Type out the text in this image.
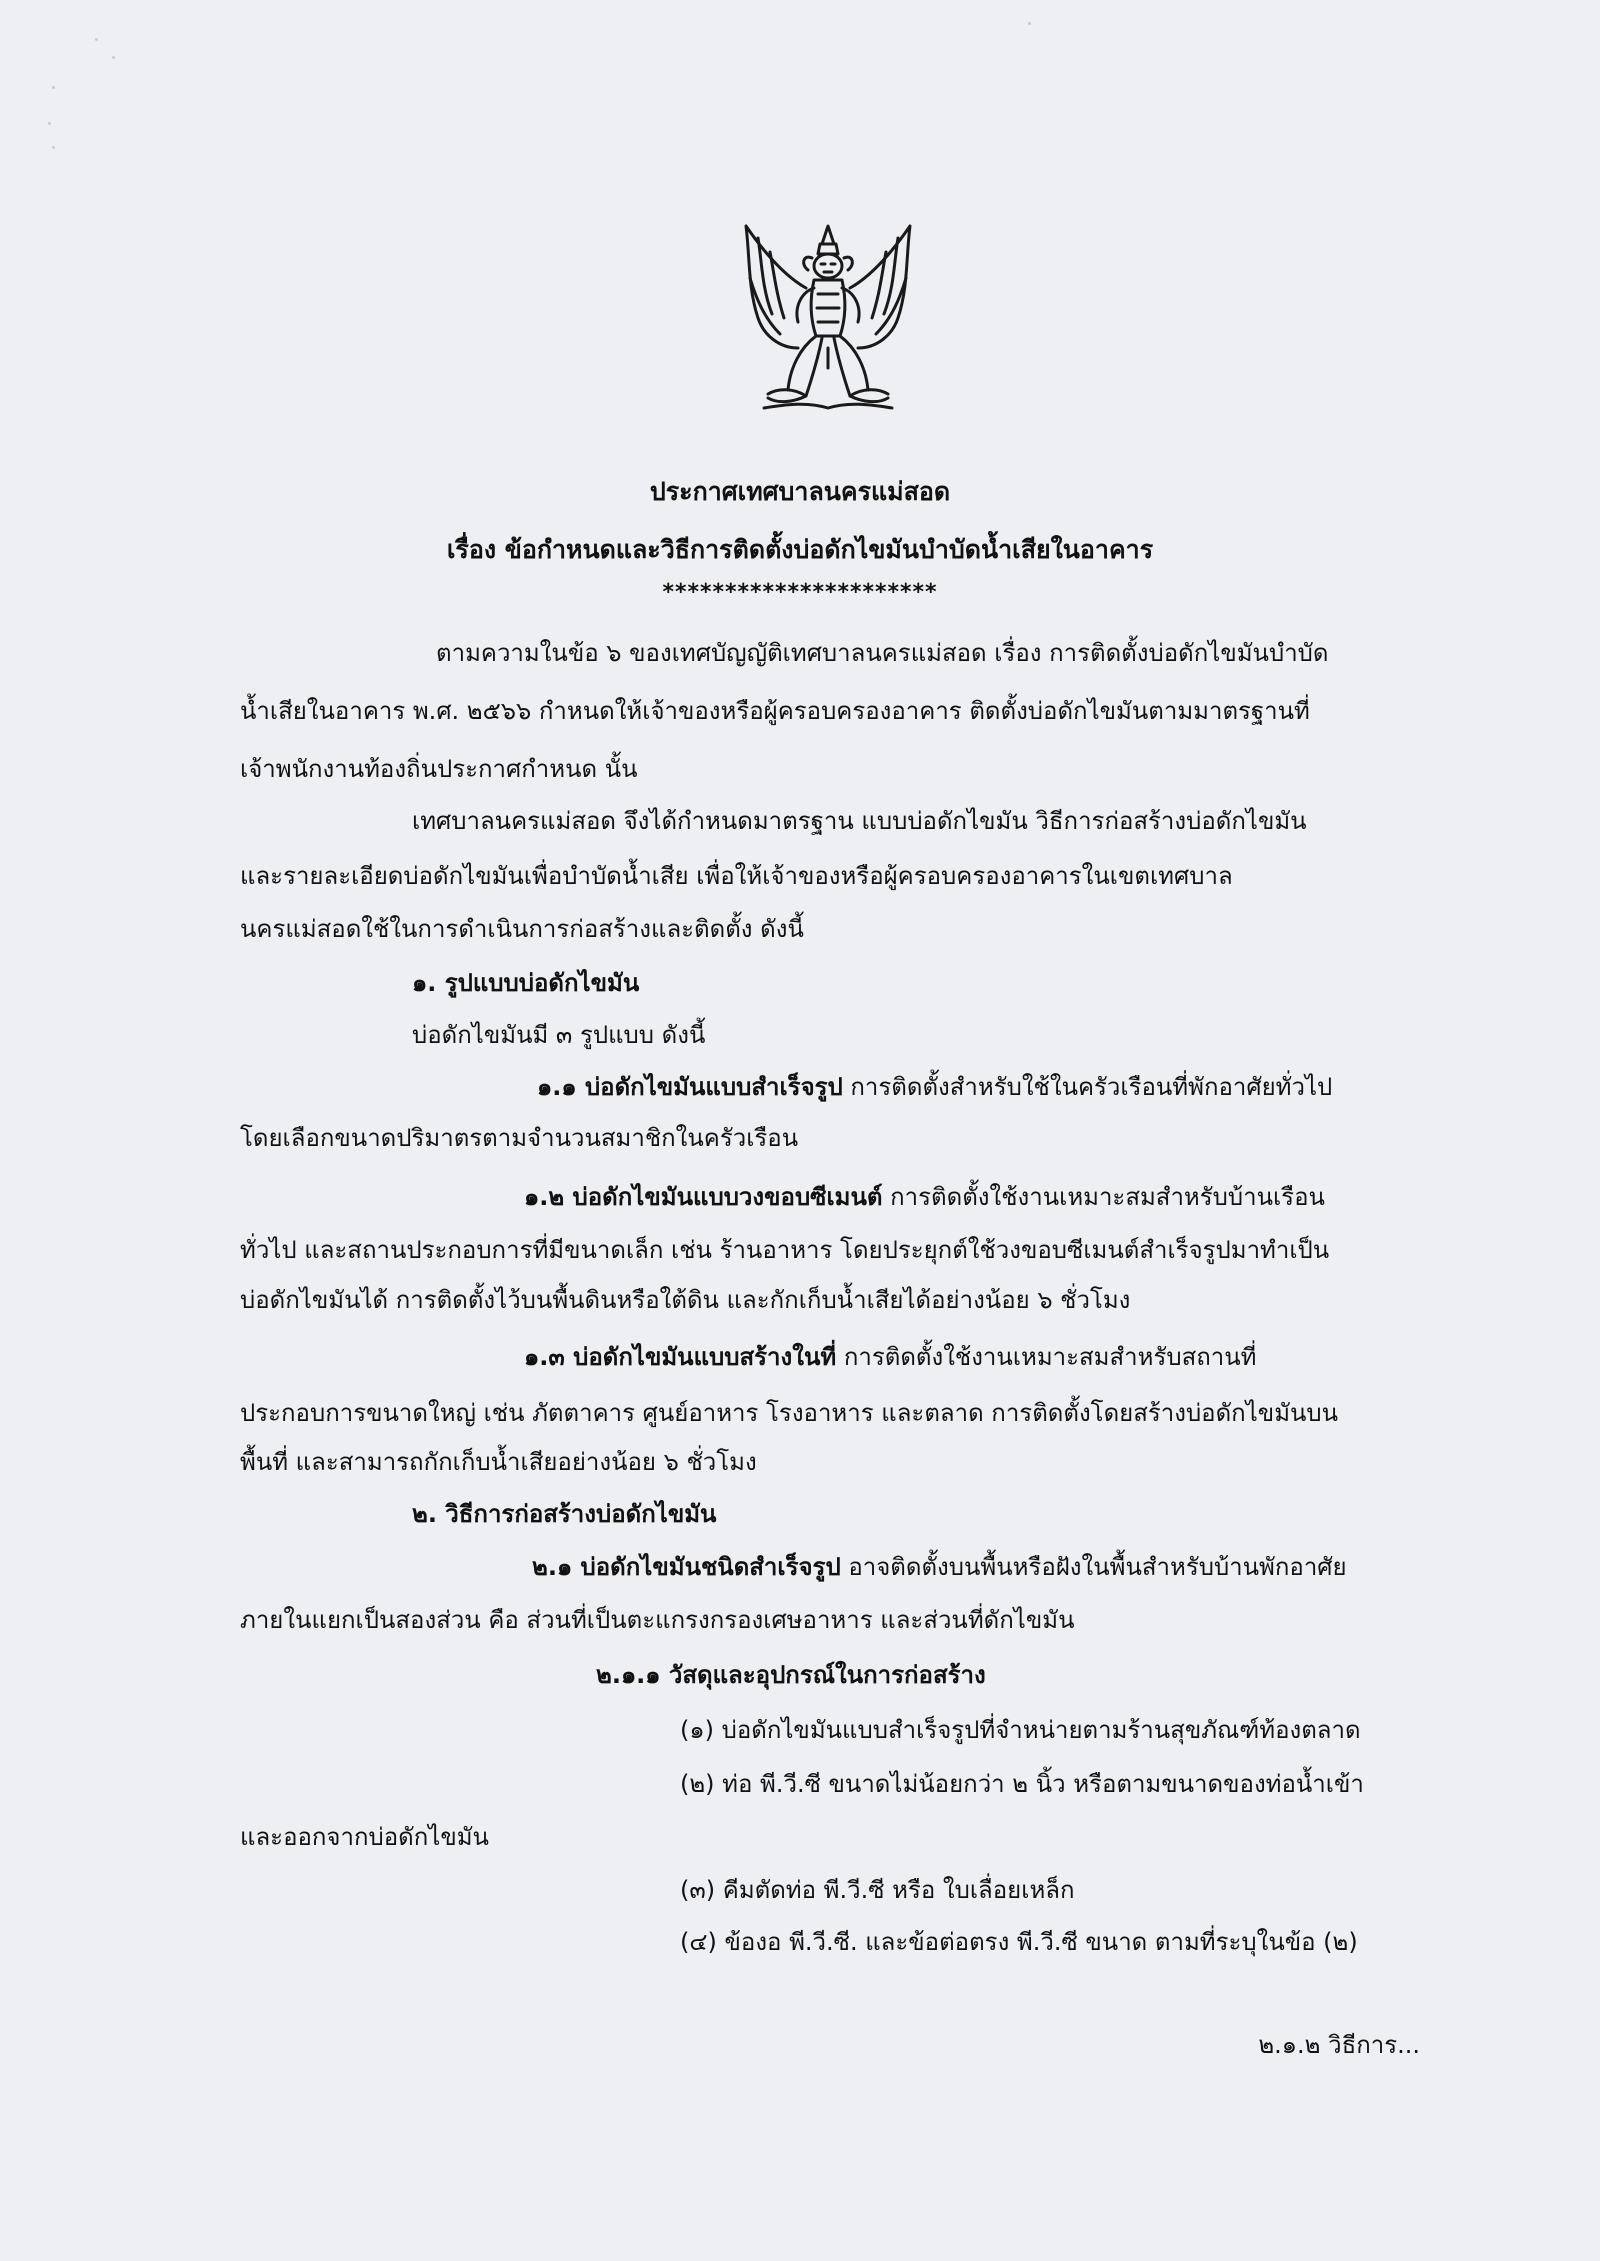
ประกาศเทศบาลนครแม่สอด
เรื่อง ข้อกำหนดและวิธีการติดตั้งบ่อดักไขมันบำบัดน้ำเสียในอาคาร
**********************
ตามความในข้อ ๖ ของเทศบัญญัติเทศบาลนครแม่สอด เรื่อง การติดตั้งบ่อดักไขมันบำบัด
น้ำเสียในอาคาร พ.ศ. ๒๕๖๖ กำหนดให้เจ้าของหรือผู้ครอบครองอาคาร ติดตั้งบ่อดักไขมันตามมาตรฐานที่
เจ้าพนักงานท้องถิ่นประกาศกำหนด นั้น
เทศบาลนครแม่สอด จึงได้กำหนดมาตรฐาน แบบบ่อดักไขมัน วิธีการก่อสร้างบ่อดักไขมัน
และรายละเอียดบ่อดักไขมันเพื่อบำบัดน้ำเสีย เพื่อให้เจ้าของหรือผู้ครอบครองอาคารในเขตเทศบาล
นครแม่สอดใช้ในการดำเนินการก่อสร้างและติดตั้ง ดังนี้
๑. รูปแบบบ่อดักไขมัน
บ่อดักไขมันมี ๓ รูปแบบ ดังนี้
๑.๑ บ่อดักไขมันแบบสำเร็จรูป การติดตั้งสำหรับใช้ในครัวเรือนที่พักอาศัยทั่วไป
โดยเลือกขนาดปริมาตรตามจำนวนสมาชิกในครัวเรือน
๑.๒ บ่อดักไขมันแบบวงขอบซีเมนต์ การติดตั้งใช้งานเหมาะสมสำหรับบ้านเรือน
ทั่วไป และสถานประกอบการที่มีขนาดเล็ก เช่น ร้านอาหาร โดยประยุกต์ใช้วงขอบซีเมนต์สำเร็จรูปมาทำเป็น
บ่อดักไขมันได้ การติดตั้งไว้บนพื้นดินหรือใต้ดิน และกักเก็บน้ำเสียได้อย่างน้อย ๖ ชั่วโมง
๑.๓ บ่อดักไขมันแบบสร้างในที่ การติดตั้งใช้งานเหมาะสมสำหรับสถานที่
ประกอบการขนาดใหญ่ เช่น ภัตตาคาร ศูนย์อาหาร โรงอาหาร และตลาด การติดตั้งโดยสร้างบ่อดักไขมันบน
พื้นที่ และสามารถกักเก็บน้ำเสียอย่างน้อย ๖ ชั่วโมง
๒. วิธีการก่อสร้างบ่อดักไขมัน
๒.๑ บ่อดักไขมันชนิดสำเร็จรูป อาจติดตั้งบนพื้นหรือฝังในพื้นสำหรับบ้านพักอาศัย
ภายในแยกเป็นสองส่วน คือ ส่วนที่เป็นตะแกรงกรองเศษอาหาร และส่วนที่ดักไขมัน
๒.๑.๑ วัสดุและอุปกรณ์ในการก่อสร้าง
(๑) บ่อดักไขมันแบบสำเร็จรูปที่จำหน่ายตามร้านสุขภัณฑ์ท้องตลาด
(๒) ท่อ พี.วี.ซี ขนาดไม่น้อยกว่า ๒ นิ้ว หรือตามขนาดของท่อน้ำเข้า
และออกจากบ่อดักไขมัน
(๓) คีมตัดท่อ พี.วี.ซี หรือ ใบเลื่อยเหล็ก
(๔) ข้องอ พี.วี.ซี. และข้อต่อตรง พี.วี.ซี ขนาด ตามที่ระบุในข้อ (๒)
๒.๑.๒ วิธีการ...
